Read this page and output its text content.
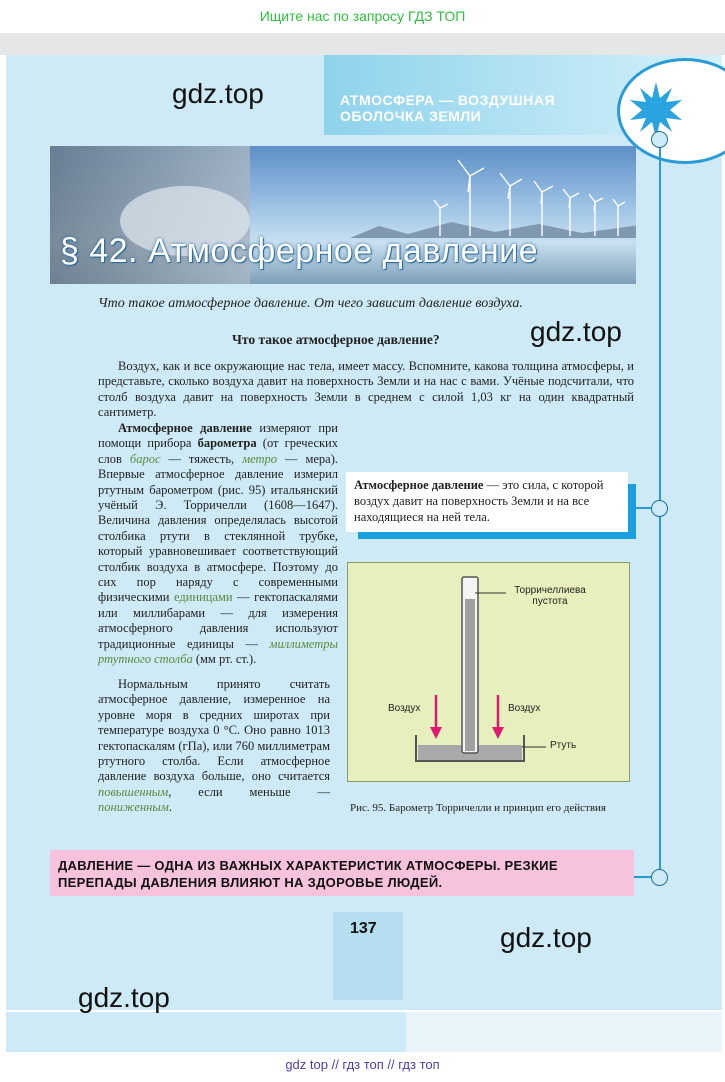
Ищите нас по запросу ГДЗ ТОП
АТМОСФЕРА — ВОЗДУШНАЯ
ОБОЛОЧКА ЗЕМЛИ
§ 42. Атмосферное давление
gdz.top
gdz.top
gdz.top
gdz.top
Что такое атмосферное давление. От чего зависит давление воздуха.
Что такое атмосферное давление?
Воздух, как и все окружающие нас тела, имеет массу. Вспомните, какова толщина атмосферы, и представьте, сколько воздуха давит на поверхность Земли и на нас с вами. Учёные подсчитали, что столб воздуха давит на поверхность Земли в среднем с силой 1,03 кг на один квадратный сантиметр.
Атмосферное давление измеряют при помощи прибора барометра (от греческих слов барос — тяжесть, метро — мера). Впервые атмосферное давление измерил ртутным барометром (рис. 95) итальянский учёный Э. Торричелли (1608—1647). Величина давления определялась высотой столбика ртути в стеклянной трубке, который уравновешивает соответствующий столбик воздуха в атмосфере. Поэтому до сих пор наряду с современными физическими единицами — гектопаскалями или миллибарами — для измерения атмосферного давления используют традиционные единицы — миллиметры ртутного столба (мм рт. ст.).
Нормальным принято считать атмосферное давление, измеренное на уровне моря в средних широтах при температуре воздуха 0 °С. Оно равно 1013 гектопаскалям (гПа), или 760 миллиметрам ртутного столба. Если атмосферное давление воздуха больше, оно считается повышенным, если меньше — пониженным.
Атмосферное давление — это сила, с которой воздух давит на поверхность Земли и на все находящиеся на ней тела.
Торричеллиева пустота
Воздух	Воздух
Ртуть
Рис. 95. Барометр Торричелли и принцип его действия
ДАВЛЕНИЕ — ОДНА ИЗ ВАЖНЫХ ХАРАКТЕРИСТИК АТМОСФЕРЫ. РЕЗКИЕ ПЕРЕПАДЫ ДАВЛЕНИЯ ВЛИЯЮТ НА ЗДОРОВЬЕ ЛЮДЕЙ.
137
gdz top // гдз топ // гдз топ
